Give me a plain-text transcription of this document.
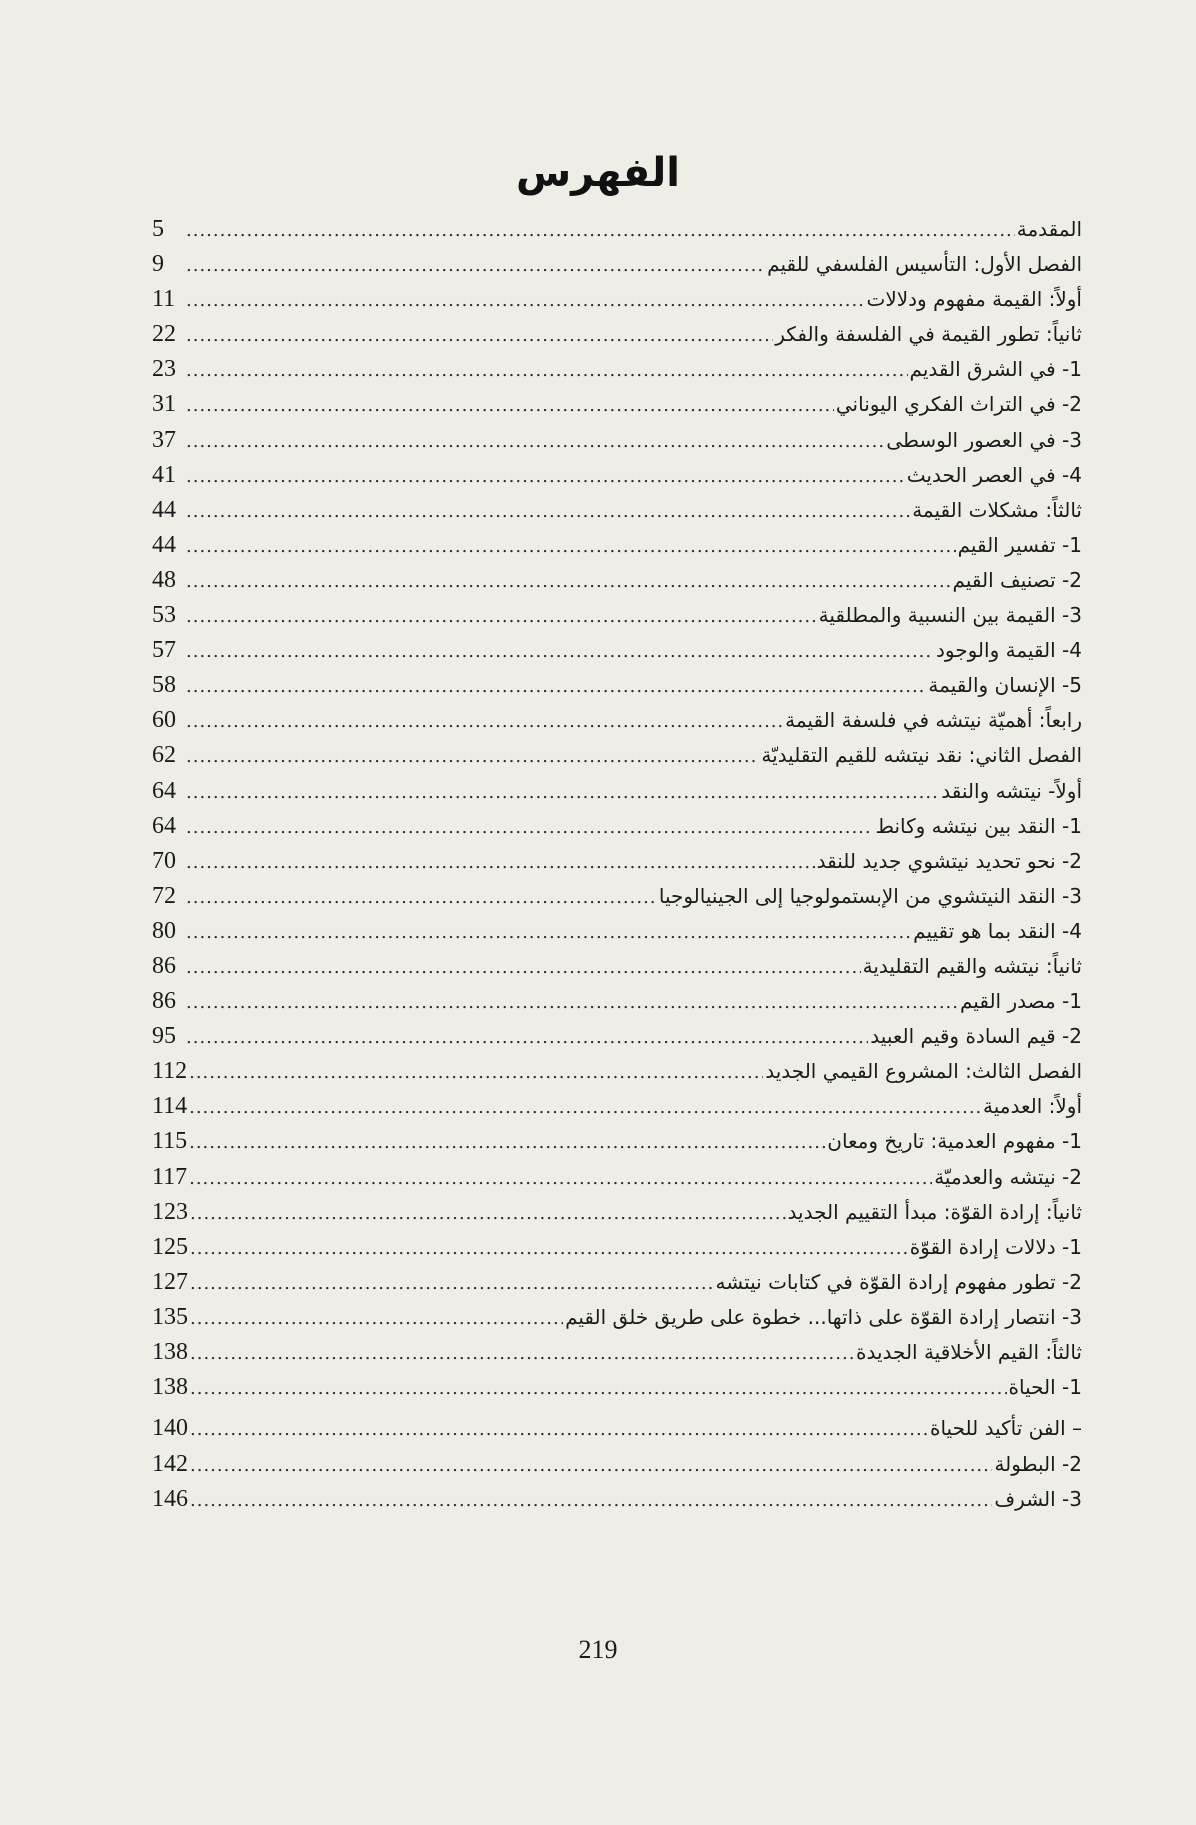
الفهرس
المقدمة
.....
5
الفصل الأول: التأسيس الفلسفي للقيم
.....
9
أولاً: القيمة مفهوم ودلالات
.....
11
ثانياً: تطور القيمة في الفلسفة والفكر
.....
22
1- في الشرق القديم
.....
23
2- في التراث الفكري اليوناني
.....
31
3- في العصور الوسطى
.....
37
4- في العصر الحديث
.....
41
ثالثاً: مشكلات القيمة
.....
44
1- تفسير القيم
.....
44
2- تصنيف القيم
.....
48
3- القيمة بين النسبية والمطلقية
.....
53
4- القيمة والوجود
.....
57
5- الإنسان والقيمة
.....
58
رابعاً: أهميّة نيتشه في فلسفة القيمة
.....
60
الفصل الثاني: نقد نيتشه للقيم التقليديّة
.....
62
أولاً- نيتشه والنقد
.....
64
1- النقد بين نيتشه وكانط
.....
64
2- نحو تحديد نيتشوي جديد للنقد
.....
70
3- النقد النيتشوي من الإبستمولوجيا إلى الجينيالوجيا
.....
72
4- النقد بما هو تقييم
.....
80
ثانياً: نيتشه والقيم التقليدية
.....
86
1- مصدر القيم
.....
86
2- قيم السادة وقيم العبيد
.....
95
الفصل الثالث: المشروع القيمي الجديد
.....
112
أولاً: العدمية
.....
114
1- مفهوم العدمية: تاريخ ومعان
.....
115
2- نيتشه والعدميّة
.....
117
ثانياً: إرادة القوّة: مبدأ التقييم الجديد
.....
123
1- دلالات إرادة القوّة
.....
125
2- تطور مفهوم إرادة القوّة في كتابات نيتشه
.....
127
3- انتصار إرادة القوّة على ذاتها... خطوة على طريق خلق القيم
.....
135
ثالثاً: القيم الأخلاقية الجديدة
.....
138
1- الحياة
.....
138
– الفن تأكيد للحياة
.....
140
2- البطولة
.....
142
3- الشرف
.....
146
219
